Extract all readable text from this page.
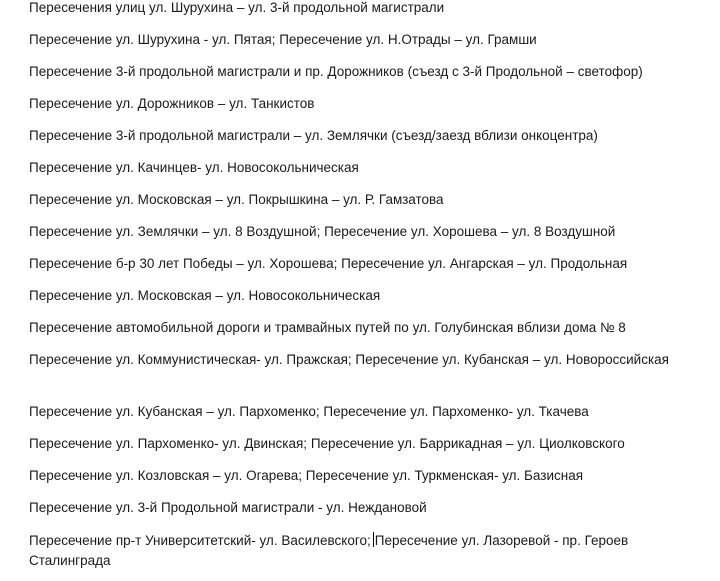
Пересечения улиц ул. Шурухина – ул. 3-й продольной магистрали
Пересечение ул. Шурухина - ул. Пятая; Пересечение ул. Н.Отрады – ул. Грамши
Пересечение 3-й продольной магистрали и пр. Дорожников (съезд с 3-й Продольной – светофор)
Пересечение ул. Дорожников – ул. Танкистов
Пересечение 3-й продольной магистрали – ул. Землячки (съезд/заезд вблизи онкоцентра)
Пересечение ул. Качинцев- ул. Новосокольническая
Пересечение ул. Московская – ул. Покрышкина – ул. Р. Гамзатова
Пересечение ул. Землячки – ул. 8 Воздушной; Пересечение ул. Хорошева – ул. 8 Воздушной
Пересечение б-р 30 лет Победы – ул. Хорошева; Пересечение ул. Ангарская – ул. Продольная
Пересечение ул. Московская – ул. Новосокольническая
Пересечение автомобильной дороги и трамвайных путей по ул. Голубинская вблизи дома № 8
Пересечение ул. Коммунистическая- ул. Пражская; Пересечение ул. Кубанская – ул. Новороссийская
Пересечение ул. Кубанская – ул. Пархоменко; Пересечение ул. Пархоменко- ул. Ткачева
Пересечение ул. Пархоменко- ул. Двинская; Пересечение ул. Баррикадная – ул. Циолковского
Пересечение ул. Козловская – ул. Огарева; Пересечение ул. Туркменская- ул. Базисная
Пересечение ул. 3-й Продольной магистрали - ул. Неждановой
Пересечение пр-т Университетский- ул. Василевского; Пересечение ул. Лазоревой - пр. Героев Сталинграда
